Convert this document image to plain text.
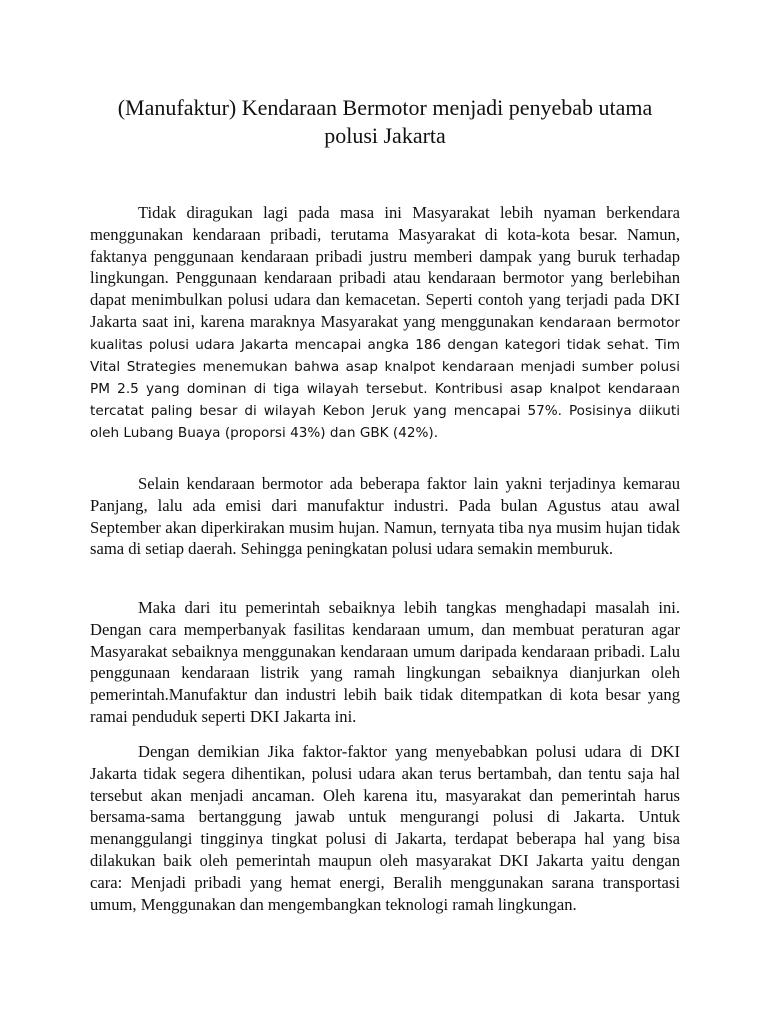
(Manufaktur) Kendaraan Bermotor menjadi penyebab utama polusi Jakarta

Tidak diragukan lagi pada masa ini Masyarakat lebih nyaman berkendara menggunakan kendaraan pribadi, terutama Masyarakat di kota-kota besar. Namun, faktanya penggunaan kendaraan pribadi justru memberi dampak yang buruk terhadap lingkungan. Penggunaan kendaraan pribadi atau kendaraan bermotor yang berlebihan dapat menimbulkan polusi udara dan kemacetan. Seperti contoh yang terjadi pada DKI Jakarta saat ini, karena maraknya Masyarakat yang menggunakan kendaraan bermotor kualitas polusi udara Jakarta mencapai angka 186 dengan kategori tidak sehat. Tim Vital Strategies menemukan bahwa asap knalpot kendaraan menjadi sumber polusi PM 2.5 yang dominan di tiga wilayah tersebut. Kontribusi asap knalpot kendaraan tercatat paling besar di wilayah Kebon Jeruk yang mencapai 57%. Posisinya diikuti oleh Lubang Buaya (proporsi 43%) dan GBK (42%).

Selain kendaraan bermotor ada beberapa faktor lain yakni terjadinya kemarau Panjang, lalu ada emisi dari manufaktur industri. Pada bulan Agustus atau awal September akan diperkirakan musim hujan. Namun, ternyata tiba nya musim hujan tidak sama di setiap daerah. Sehingga peningkatan polusi udara semakin memburuk.

Maka dari itu pemerintah sebaiknya lebih tangkas menghadapi masalah ini. Dengan cara memperbanyak fasilitas kendaraan umum, dan membuat peraturan agar Masyarakat sebaiknya menggunakan kendaraan umum daripada kendaraan pribadi. Lalu penggunaan kendaraan listrik yang ramah lingkungan sebaiknya dianjurkan oleh pemerintah.Manufaktur dan industri lebih baik tidak ditempatkan di kota besar yang ramai penduduk seperti DKI Jakarta ini.

Dengan demikian Jika faktor-faktor yang menyebabkan polusi udara di DKI Jakarta tidak segera dihentikan, polusi udara akan terus bertambah, dan tentu saja hal tersebut akan menjadi ancaman. Oleh karena itu, masyarakat dan pemerintah harus bersama-sama bertanggung jawab untuk mengurangi polusi di Jakarta. Untuk menanggulangi tingginya tingkat polusi di Jakarta, terdapat beberapa hal yang bisa dilakukan baik oleh pemerintah maupun oleh masyarakat DKI Jakarta yaitu dengan cara: Menjadi pribadi yang hemat energi, Beralih menggunakan sarana transportasi umum, Menggunakan dan mengembangkan teknologi ramah lingkungan.
